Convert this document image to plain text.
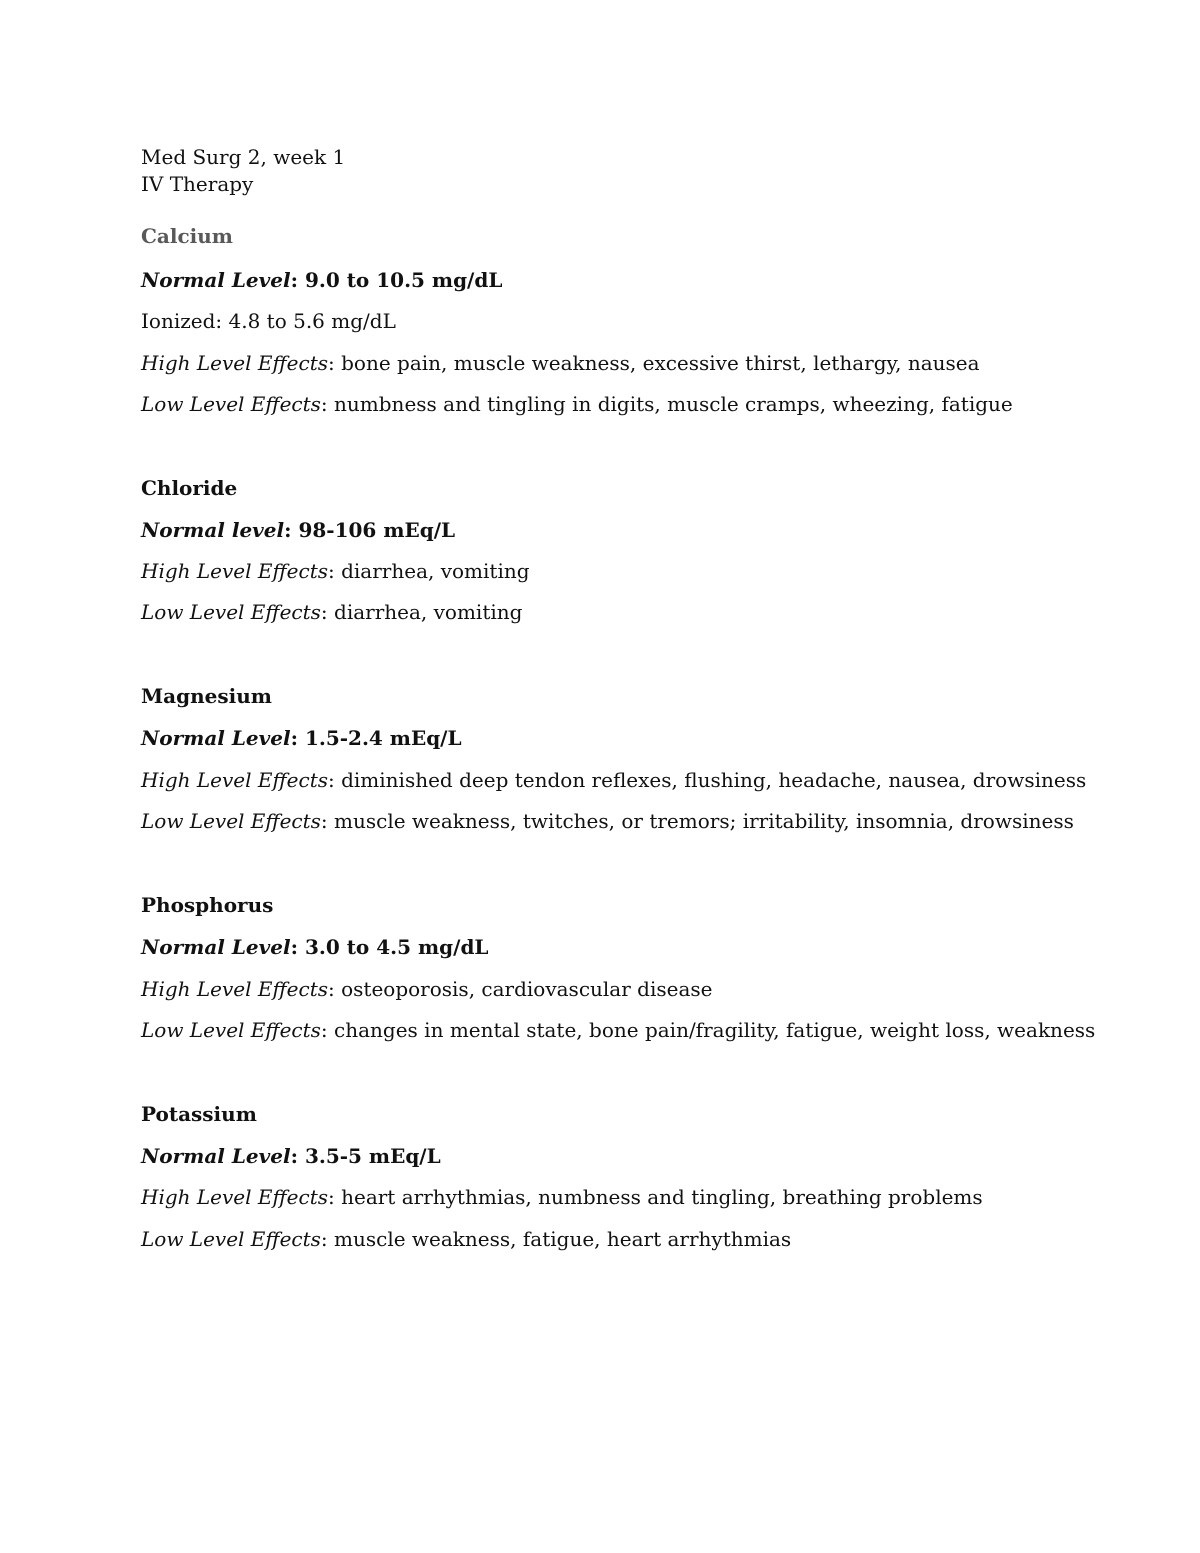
Med Surg 2, week 1

IV Therapy

Calcium

Normal Level: 9.0 to 10.5 mg/dL

Ionized: 4.8 to 5.6 mg/dL

High Level Effects: bone pain, muscle weakness, excessive thirst, lethargy, nausea

Low Level Effects: numbness and tingling in digits, muscle cramps, wheezing, fatigue

Chloride

Normal level: 98-106 mEq/L

High Level Effects: diarrhea, vomiting

Low Level Effects: diarrhea, vomiting

Magnesium

Normal Level: 1.5-2.4 mEq/L

High Level Effects: diminished deep tendon reflexes, flushing, headache, nausea, drowsiness

Low Level Effects: muscle weakness, twitches, or tremors; irritability, insomnia, drowsiness

Phosphorus

Normal Level: 3.0 to 4.5 mg/dL

High Level Effects: osteoporosis, cardiovascular disease

Low Level Effects: changes in mental state, bone pain/fragility, fatigue, weight loss, weakness

Potassium

Normal Level: 3.5-5 mEq/L

High Level Effects: heart arrhythmias, numbness and tingling, breathing problems

Low Level Effects: muscle weakness, fatigue, heart arrhythmias
